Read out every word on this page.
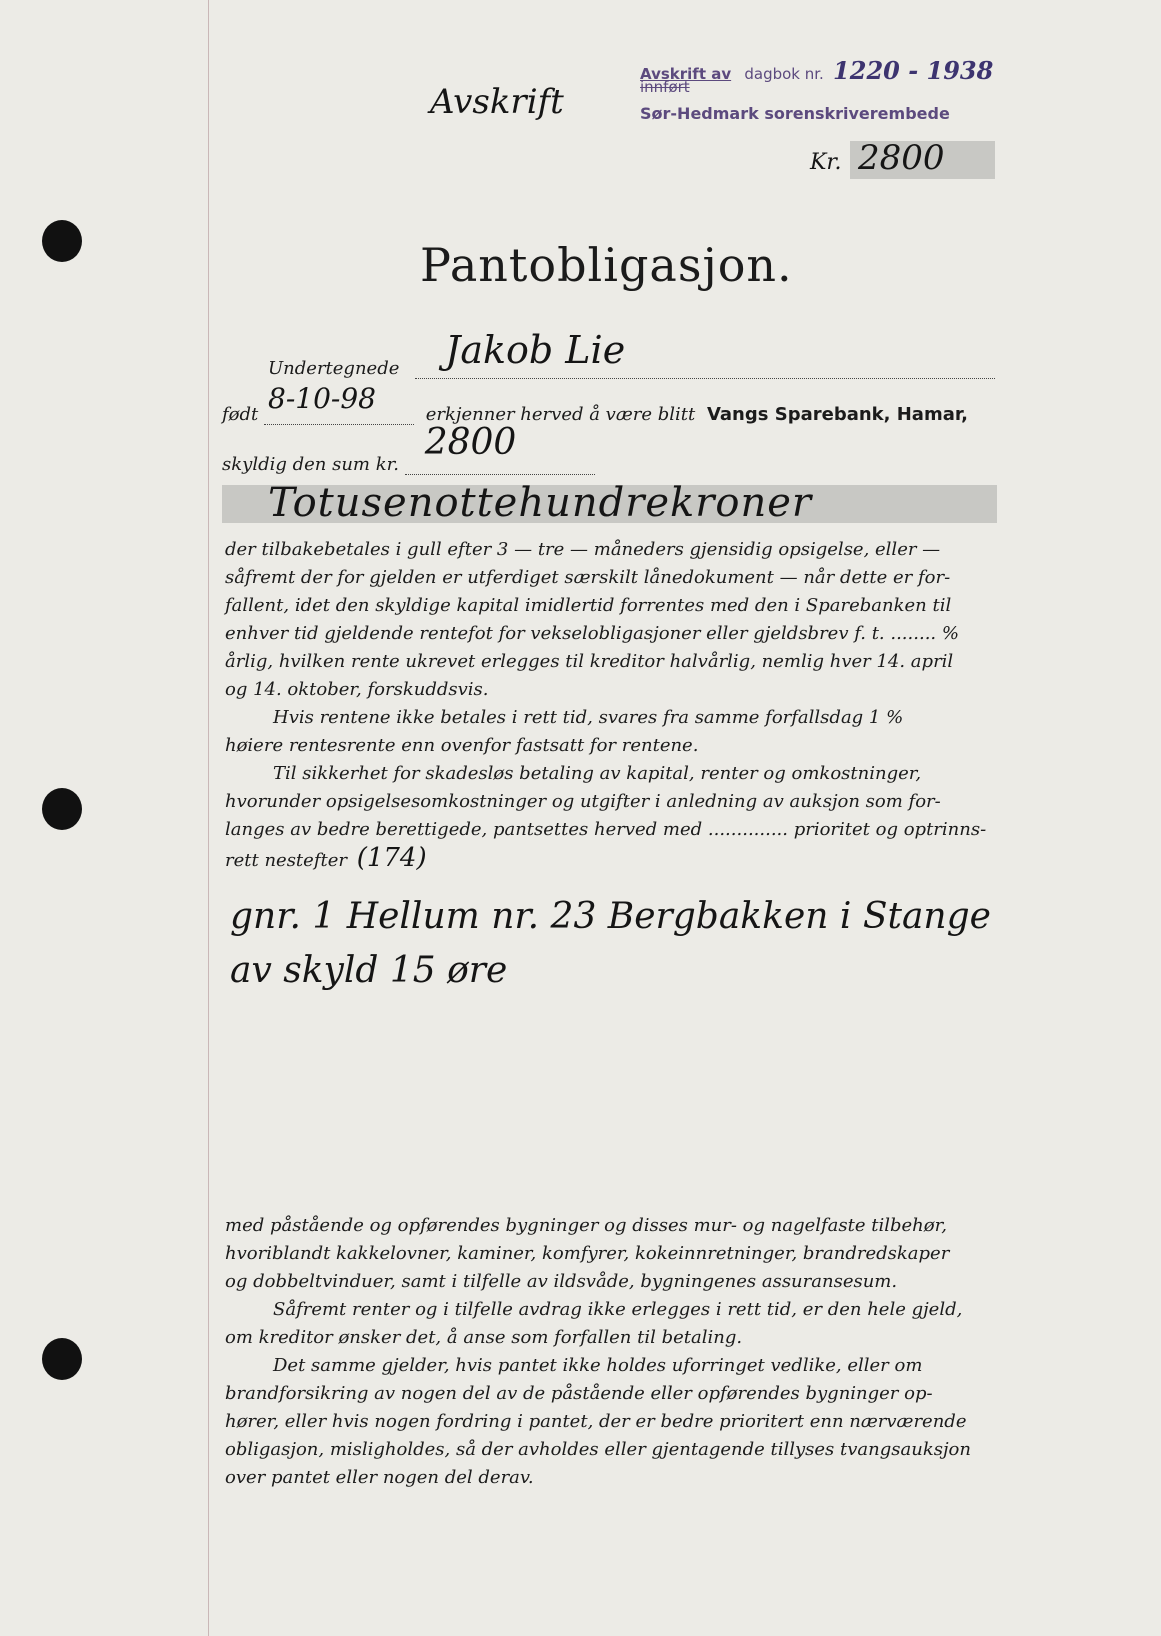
Avskrift
Avskrift av dagbok nr. 1220 - 1938
innført
Sør-Hedmark sorenskriverembede
Kr. 2800
Pantobligasjon.
Undertegnede Jakob Lie
født 8-10-98	erkjenner herved å være blitt Vangs Sparebank, Hamar,
skyldig den sum kr.
2800
Totusenottehundrekroner

der tilbakebetales i gull efter 3 — tre — måneders gjensidig opsigelse, eller —

såfremt der for gjelden er utferdiget særskilt lånedokument — når dette er for-

fallent, idet den skyldige kapital imidlertid forrentes med den i Sparebanken til

enhver tid gjeldende rentefot for vekselobligasjoner eller gjeldsbrev f. t. ........ %

årlig, hvilken rente ukrevet erlegges til kreditor halvårlig, nemlig hver 14. april

og 14. oktober, forskuddsvis.

Hvis rentene ikke betales i rett tid, svares fra samme forfallsdag 1 %

høiere rentesrente enn ovenfor fastsatt for rentene.

Til sikkerhet for skadesløs betaling av kapital, renter og omkostninger,

hvorunder opsigelsesomkostninger og utgifter i anledning av auksjon som for-

langes av bedre berettigede, pantsettes herved med .............. prioritet og optrinns-

rett nestefter (174)

gnr. 1 Hellum nr. 23 Bergbakken i Stange
av skyld 15 øre

med påstående og opførendes bygninger og disses mur- og nagelfaste tilbehør,

hvoriblandt kakkelovner, kaminer, komfyrer, kokeinnretninger, brandredskaper

og dobbeltvinduer, samt i tilfelle av ildsvåde, bygningenes assuransesum.

Såfremt renter og i tilfelle avdrag ikke erlegges i rett tid, er den hele gjeld,

om kreditor ønsker det, å anse som forfallen til betaling.

Det samme gjelder, hvis pantet ikke holdes uforringet vedlike, eller om

brandforsikring av nogen del av de påstående eller opførendes bygninger op-

hører, eller hvis nogen fordring i pantet, der er bedre prioritert enn nærværende

obligasjon, misligholdes, så der avholdes eller gjentagende tillyses tvangsauksjon

over pantet eller nogen del derav.
